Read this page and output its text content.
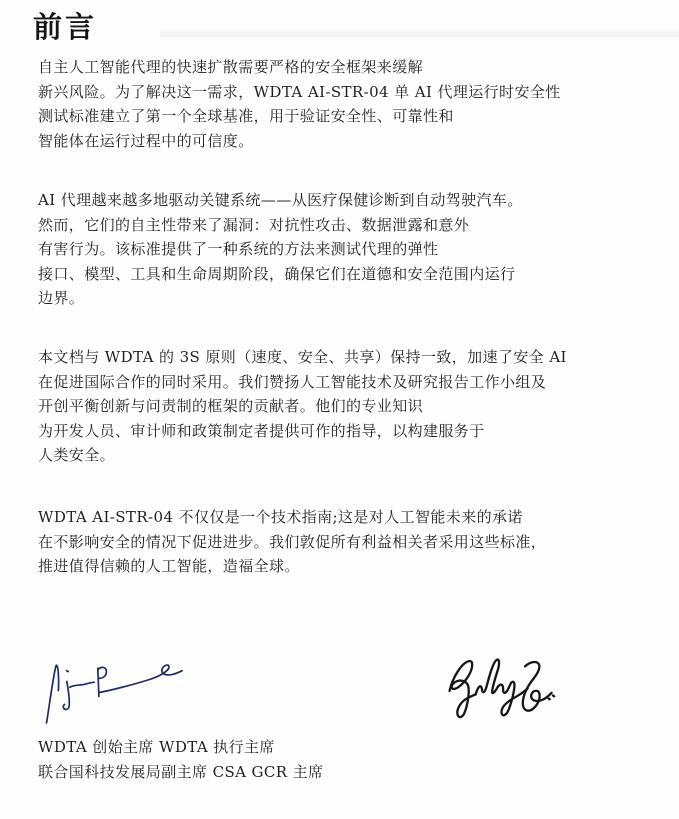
前言
自主人工智能代理的快速扩散需要严格的安全框架来缓解
新兴风险。为了解决这一需求，WDTA AI-STR-04 单 AI 代理运行时安全性
测试标准建立了第一个全球基准，用于验证安全性、可靠性和
智能体在运行过程中的可信度。
AI 代理越来越多地驱动关键系统——从医疗保健诊断到自动驾驶汽车。
然而，它们的自主性带来了漏洞：对抗性攻击、数据泄露和意外
有害行为。该标准提供了一种系统的方法来测试代理的弹性
接口、模型、工具和生命周期阶段，确保它们在道德和安全范围内运行
边界。
本文档与 WDTA 的 3S 原则（速度、安全、共享）保持一致，加速了安全 AI
在促进国际合作的同时采用。我们赞扬人工智能技术及研究报告工作小组及
开创平衡创新与问责制的框架的贡献者。他们的专业知识
为开发人员、审计师和政策制定者提供可作的指导，以构建服务于
人类安全。
WDTA AI-STR-04 不仅仅是一个技术指南;这是对人工智能未来的承诺
在不影响安全的情况下促进进步。我们敦促所有利益相关者采用这些标准，
推进值得信赖的人工智能，造福全球。
WDTA 创始主席 WDTA 执行主席
联合国科技发展局副主席 CSA GCR 主席
